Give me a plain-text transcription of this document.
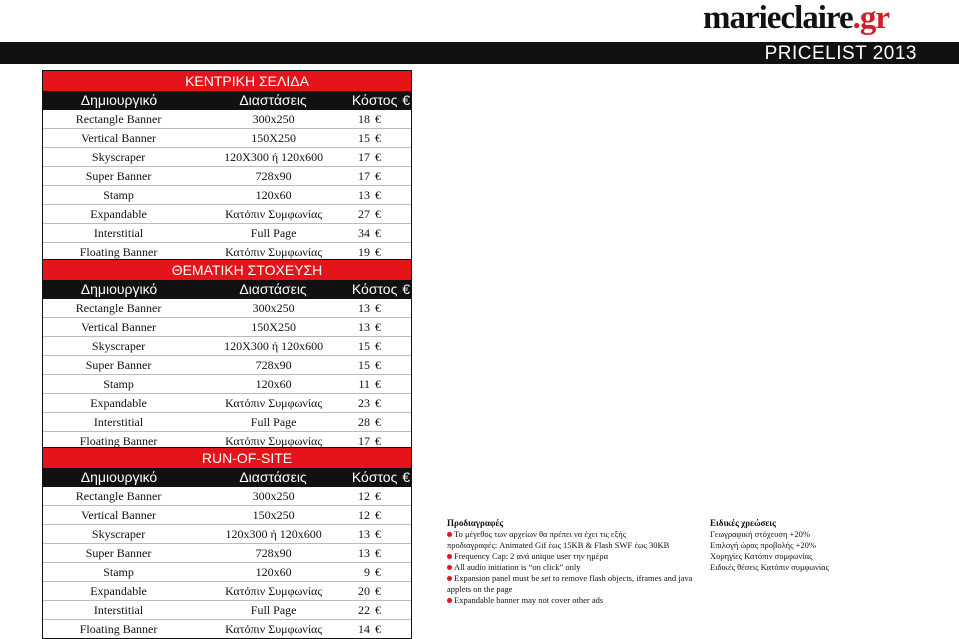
marieclaire .gr
PRICELIST 2013
ΚΕΝΤΡΙΚΗ ΣΕΛΙΔΑ
Δημιουργικό	Διαστάσεις	Κόστος €
Rectangle Banner	300x250	18 €
Vertical Banner	150X250	15 €
Skyscraper	120X300 ή 120x600	17 €
Super Banner	728x90	17 €
Stamp	120x60	13 €
Expandable	Κατόπιν Συμφωνίας	27 €
Interstitial	Full Page	34 €
Floating Banner	Κατόπιν Συμφωνίας	19 €
ΘΕΜΑΤΙΚΗ ΣΤΟΧΕΥΣΗ
Δημιουργικό	Διαστάσεις	Κόστος €
Rectangle Banner	300x250	13 €
Vertical Banner	150X250	13 €
Skyscraper	120X300 ή 120x600	15 €
Super Banner	728x90	15 €
Stamp	120x60	11 €
Expandable	Κατόπιν Συμφωνίας	23 €
Interstitial	Full Page	28 €
Floating Banner	Κατόπιν Συμφωνίας	17 €
RUN-OF-SITE
Δημιουργικό	Διαστάσεις	Κόστος €
Rectangle Banner	300x250	12 €
Vertical Banner	150x250	12 €
Skyscraper	120x300 ή 120x600	13 €
Super Banner	728x90	13 €
Stamp	120x60	9 €
Expandable	Κατόπιν Συμφωνίας	20 €
Interstitial	Full Page	22 €
Floating Banner	Κατόπιν Συμφωνίας	14 €
Προδιαγραφές
Το μέγεθος των αρχείων θα πρέπει να έχει τις εξής
προδιαγραφές: Animated Gif έως 15KB & Flash SWF έως 30KB
Frequency Cap: 2 ανά unique user την ημέρα
All audio initiation is “on click” only
Expansion panel must be set to remove flash objects, iframes and java
applets on the page
Expandable banner may not cover other ads
Ειδικές χρεώσεις
Γεωγραφική στόχευση +20%
Επιλογή ώρας προβολής +20%
Χορηγίες Κατόπιν συμφωνίας
Ειδικές θέσεις Κατόπιν συμφωνίας
